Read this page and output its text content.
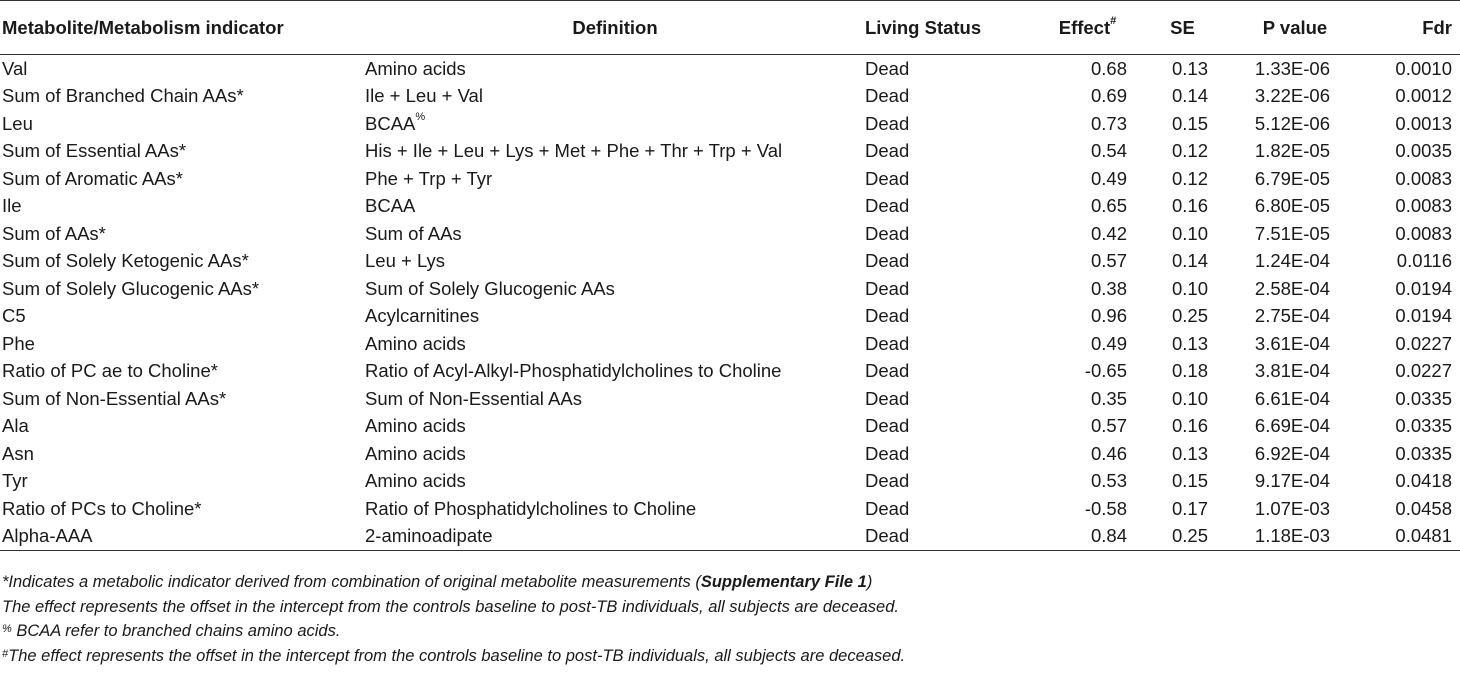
Metabolite/Metabolism indicator	Definition	Living Status	Effect#	SE	P value	Fdr
Val	Amino acids	Dead	0.68	0.13	1.33E-06	0.0010
Sum of Branched Chain AAs*	Ile + Leu + Val	Dead	0.69	0.14	3.22E-06	0.0012
Leu	BCAA%	Dead	0.73	0.15	5.12E-06	0.0013
Sum of Essential AAs*	His + Ile + Leu + Lys + Met + Phe + Thr + Trp + Val	Dead	0.54	0.12	1.82E-05	0.0035
Sum of Aromatic AAs*	Phe + Trp + Tyr	Dead	0.49	0.12	6.79E-05	0.0083
Ile	BCAA	Dead	0.65	0.16	6.80E-05	0.0083
Sum of AAs*	Sum of AAs	Dead	0.42	0.10	7.51E-05	0.0083
Sum of Solely Ketogenic AAs*	Leu + Lys	Dead	0.57	0.14	1.24E-04	0.0116
Sum of Solely Glucogenic AAs*	Sum of Solely Glucogenic AAs	Dead	0.38	0.10	2.58E-04	0.0194
C5	Acylcarnitines	Dead	0.96	0.25	2.75E-04	0.0194
Phe	Amino acids	Dead	0.49	0.13	3.61E-04	0.0227
Ratio of PC ae to Choline*	Ratio of Acyl-Alkyl-Phosphatidylcholines to Choline	Dead	-0.65	0.18	3.81E-04	0.0227
Sum of Non-Essential AAs*	Sum of Non-Essential AAs	Dead	0.35	0.10	6.61E-04	0.0335
Ala	Amino acids	Dead	0.57	0.16	6.69E-04	0.0335
Asn	Amino acids	Dead	0.46	0.13	6.92E-04	0.0335
Tyr	Amino acids	Dead	0.53	0.15	9.17E-04	0.0418
Ratio of PCs to Choline*	Ratio of Phosphatidylcholines to Choline	Dead	-0.58	0.17	1.07E-03	0.0458
Alpha-AAA	2-aminoadipate	Dead	0.84	0.25	1.18E-03	0.0481
*Indicates a metabolic indicator derived from combination of original metabolite measurements (Supplementary File 1)
The effect represents the offset in the intercept from the controls baseline to post-TB individuals, all subjects are deceased.
% BCAA refer to branched chains amino acids.
#The effect represents the offset in the intercept from the controls baseline to post-TB individuals, all subjects are deceased.
